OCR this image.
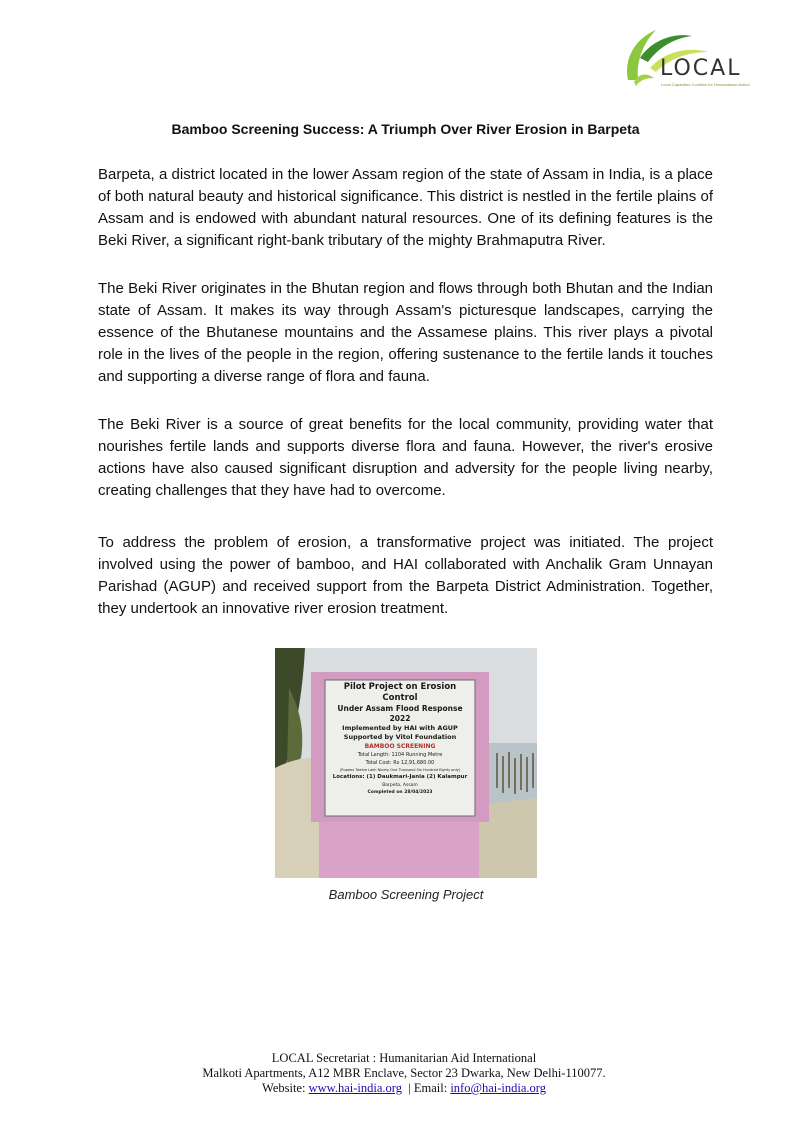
LOCAL
Local Capacities Coalition for Humanitarian Action
Bamboo Screening Success: A Triumph Over River Erosion in Barpeta

Barpeta, a district located in the lower Assam region of the state of Assam in India, is a place of both natural beauty and historical significance. This district is nestled in the fertile plains of Assam and is endowed with abundant natural resources. One of its defining features is the Beki River, a significant right-bank tributary of the mighty Brahmaputra River.

The Beki River originates in the Bhutan region and flows through both Bhutan and the Indian state of Assam. It makes its way through Assam's picturesque landscapes, carrying the essence of the Bhutanese mountains and the Assamese plains. This river plays a pivotal role in the lives of the people in the region, offering sustenance to the fertile lands it touches and supporting a diverse range of flora and fauna.

The Beki River is a source of great benefits for the local community, providing water that nourishes fertile lands and supports diverse flora and fauna. However, the river's erosive actions have also caused significant disruption and adversity for the people living nearby, creating challenges that they have had to overcome.

To address the problem of erosion, a transformative project was initiated. The project involved using the power of bamboo, and HAI collaborated with Anchalik Gram Unnayan Parishad (AGUP) and received support from the Barpeta District Administration. Together, they undertook an innovative river erosion treatment.

Pilot Project on Erosion Control
Under Assam Flood Response 2022
Implemented by HAI with AGUP
Supported by Vitol Foundation
BAMBOO SCREENING
Total Length: 1104 Running Metre
Total Cost: Rs 12,91,680.00
(Rupees Twelve Lakh Ninety One Thousand Six Hundred Eighty only)
Locations: (1) Daukmari-Jania (2) Kalampur
Barpeta, Assam
Completed on 28/04/2023
Bamboo Screening Project
LOCAL Secretariat : Humanitarian Aid International
Malkoti Apartments, A12 MBR Enclave, Sector 23 Dwarka, New Delhi-110077.
Website: www.hai-india.org  | Email: info@hai-india.org
